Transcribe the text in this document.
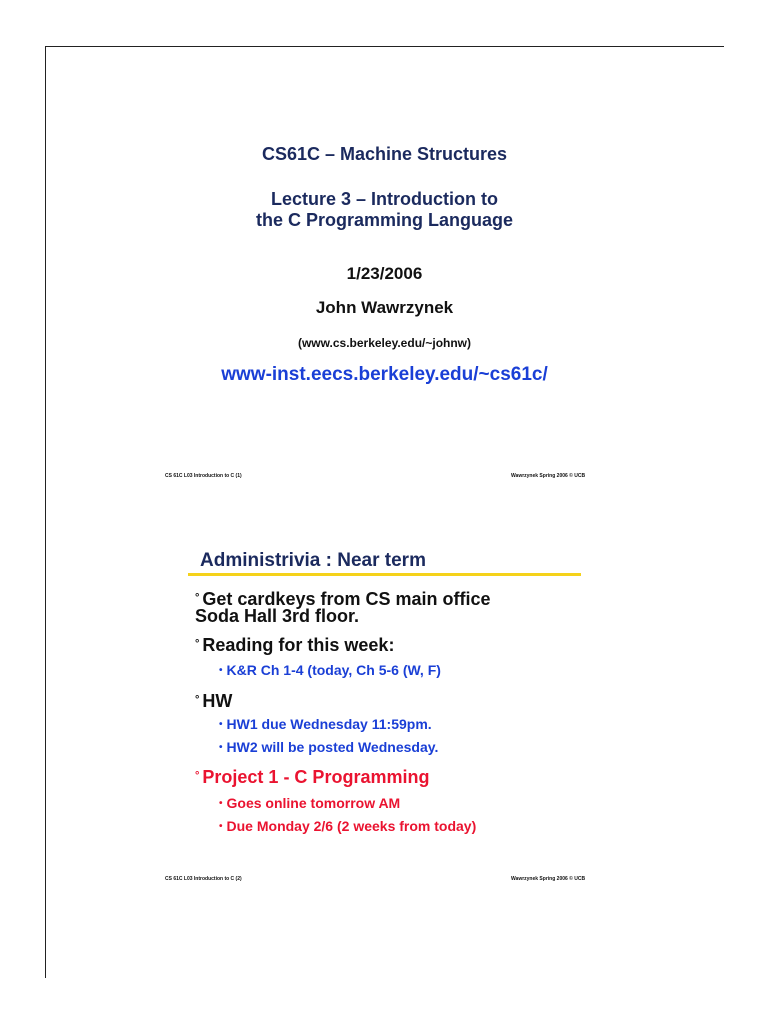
CS61C – Machine Structures
Lecture 3 – Introduction to
the C Programming Language
1/23/2006
John Wawrzynek
(www.cs.berkeley.edu/~johnw)
www-inst.eecs.berkeley.edu/~cs61c/
CS 61C L03 Introduction to C (1)	Wawrzynek Spring 2006 © UCB
Administrivia : Near term
° Get cardkeys from CS main office
Soda Hall 3rd floor.
° Reading for this week:
• K&R Ch 1-4 (today, Ch 5-6 (W, F)
° HW
• HW1 due Wednesday 11:59pm.
• HW2 will be posted Wednesday.
° Project 1 - C Programming
• Goes online tomorrow AM
• Due Monday 2/6 (2 weeks from today)
CS 61C L03 Introduction to C (2)	Wawrzynek Spring 2006 © UCB
